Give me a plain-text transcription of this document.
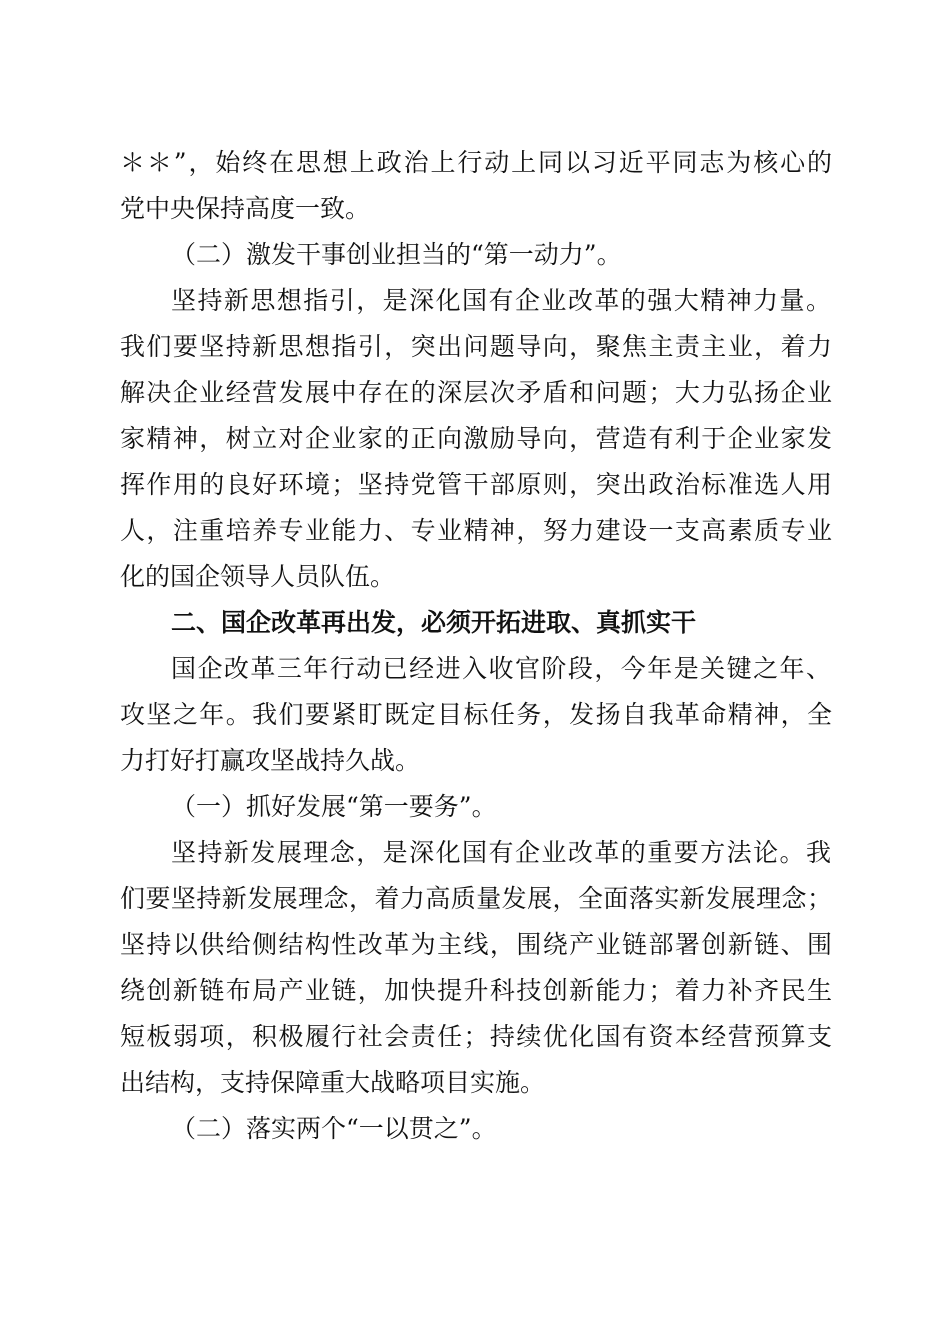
＊＊”，始终在思想上政治上行动上同以习近平同志为核心的
党中央保持高度一致。
（二）激发干事创业担当的“第一动力”。
坚持新思想指引，是深化国有企业改革的强大精神力量。
我们要坚持新思想指引，突出问题导向，聚焦主责主业，着力
解决企业经营发展中存在的深层次矛盾和问题；大力弘扬企业
家精神，树立对企业家的正向激励导向，营造有利于企业家发
挥作用的良好环境；坚持党管干部原则，突出政治标准选人用
人，注重培养专业能力、专业精神，努力建设一支高素质专业
化的国企领导人员队伍。
二、国企改革再出发，必须开拓进取、真抓实干
国企改革三年行动已经进入收官阶段，今年是关键之年、
攻坚之年。我们要紧盯既定目标任务，发扬自我革命精神，全
力打好打赢攻坚战持久战。
（一）抓好发展“第一要务”。
坚持新发展理念，是深化国有企业改革的重要方法论。我
们要坚持新发展理念，着力高质量发展，全面落实新发展理念；
坚持以供给侧结构性改革为主线，围绕产业链部署创新链、围
绕创新链布局产业链，加快提升科技创新能力；着力补齐民生
短板弱项，积极履行社会责任；持续优化国有资本经营预算支
出结构，支持保障重大战略项目实施。
（二）落实两个“一以贯之”。
